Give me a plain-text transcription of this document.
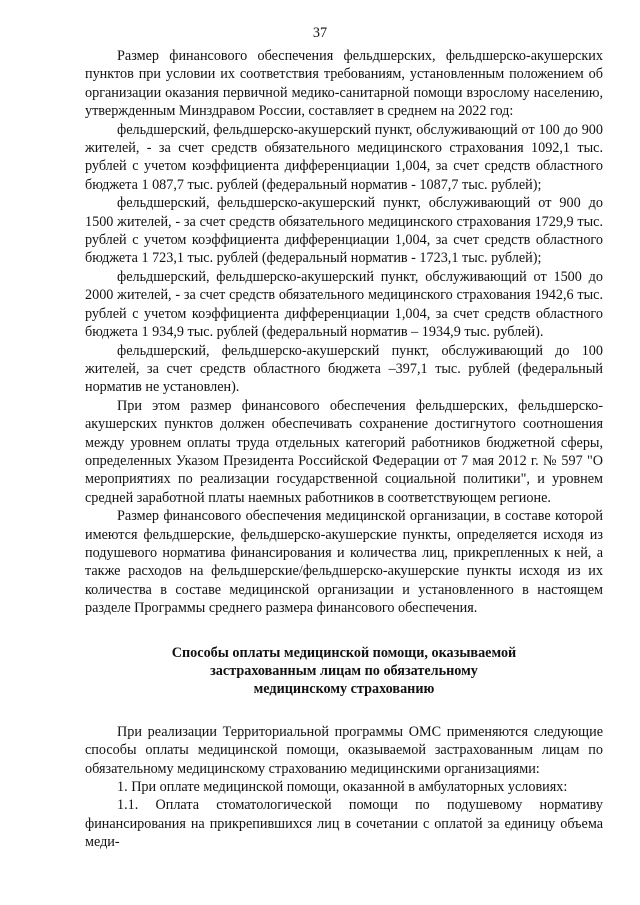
37

Размер финансового обеспечения фельдшерских, фельдшерско-акушерских пунктов при условии их соответствия требованиям, установленным положением об организации оказания первичной медико-санитарной помощи взрослому населению, утвержденным Минздравом России, составляет в среднем на 2022 год:

фельдшерский, фельдшерско-акушерский пункт, обслуживающий от 100 до 900 жителей, - за счет средств обязательного медицинского страхования 1092,1 тыс. рублей с учетом коэффициента дифференциации 1,004, за счет средств областного бюджета 1 087,7 тыс. рублей (федеральный норматив - 1087,7 тыс. рублей);

фельдшерский, фельдшерско-акушерский пункт, обслуживающий от 900 до 1500 жителей, - за счет средств обязательного медицинского страхования 1729,9 тыс. рублей с учетом коэффициента дифференциации 1,004, за счет средств областного бюджета 1 723,1 тыс. рублей (федеральный норматив - 1723,1 тыс. рублей);

фельдшерский, фельдшерско-акушерский пункт, обслуживающий от 1500 до 2000 жителей, - за счет средств обязательного медицинского страхования 1942,6 тыс. рублей с учетом коэффициента дифференциации 1,004, за счет средств областного бюджета 1 934,9 тыс. рублей (федеральный норматив – 1934,9 тыс. рублей).

фельдшерский, фельдшерско-акушерский пункт, обслуживающий до 100 жителей, за счет средств областного бюджета –397,1 тыс. рублей (федеральный норматив не установлен).

При этом размер финансового обеспечения фельдшерских, фельдшерско-акушерских пунктов должен обеспечивать сохранение достигнутого соотношения между уровнем оплаты труда отдельных категорий работников бюджетной сферы, определенных Указом Президента Российской Федерации от 7 мая 2012 г. № 597 "О мероприятиях по реализации государственной социальной политики", и уровнем средней заработной платы наемных работников в соответствующем регионе.

Размер финансового обеспечения медицинской организации, в составе которой имеются фельдшерские, фельдшерско-акушерские пункты, определяется исходя из подушевого норматива финансирования и количества лиц, прикрепленных к ней, а также расходов на фельдшерские/фельдшерско-акушерские пункты исходя из их количества в составе медицинской организации и установленного в настоящем разделе Программы среднего размера финансового обеспечения.

Способы оплаты медицинской помощи, оказываемой
застрахованным лицам по обязательному
медицинскому страхованию

При реализации Территориальной программы ОМС применяются следующие способы оплаты медицинской помощи, оказываемой застрахованным лицам по обязательному медицинскому страхованию медицинскими организациями:

1. При оплате медицинской помощи, оказанной в амбулаторных условиях:

1.1. Оплата стоматологической помощи по подушевому нормативу финансирования на прикрепившихся лиц в сочетании с оплатой за единицу объема меди-
